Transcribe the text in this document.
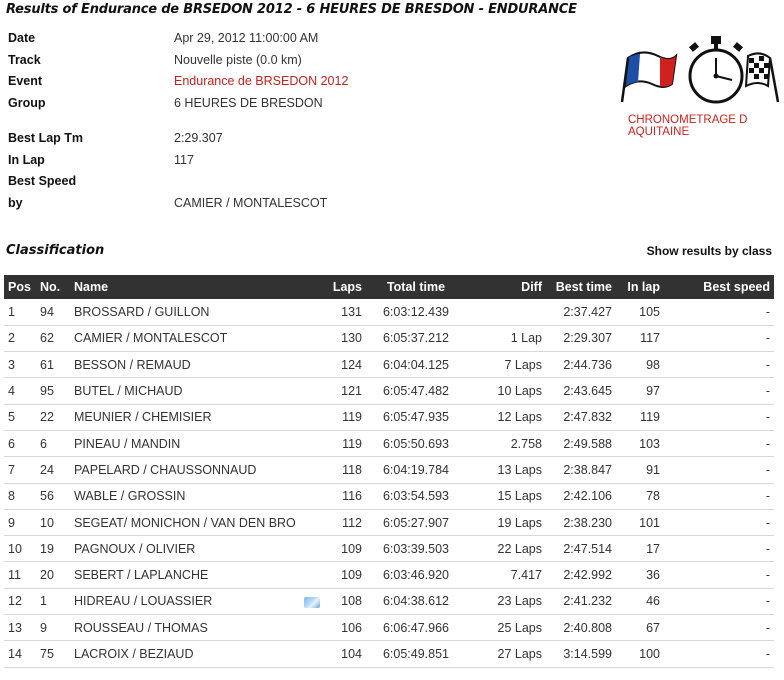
Results of Endurance de BRSEDON 2012 - 6 HEURES DE BRESDON - ENDURANCE
Date	Apr 29, 2012 11:00:00 AM
Track	Nouvelle piste (0.0 km)
Event	Endurance de BRSEDON 2012
Group	6 HEURES DE BRESDON
Best Lap Tm	2:29.307
In Lap	117
Best Speed
by	CAMIER / MONTALESCOT
CHRONOMETRAGE D AQUITAINE
Classification	Show results by class
Pos	No.	Name	Laps	Total time	Diff	Best time	In lap	Best speed
1	94	BROSSARD / GUILLON	131	6:03:12.439		2:37.427	105	-
2	62	CAMIER / MONTALESCOT	130	6:05:37.212	1 Lap	2:29.307	117	-
3	61	BESSON / REMAUD	124	6:04:04.125	7 Laps	2:44.736	98	-
4	95	BUTEL / MICHAUD	121	6:05:47.482	10 Laps	2:43.645	97	-
5	22	MEUNIER / CHEMISIER	119	6:05:47.935	12 Laps	2:47.832	119	-
6	6	PINEAU / MANDIN	119	6:05:50.693	2.758	2:49.588	103	-
7	24	PAPELARD / CHAUSSONNAUD	118	6:04:19.784	13 Laps	2:38.847	91	-
8	56	WABLE / GROSSIN	116	6:03:54.593	15 Laps	2:42.106	78	-
9	10	SEGEAT/ MONICHON / VAN DEN BRO	112	6:05:27.907	19 Laps	2:38.230	101	-
10	19	PAGNOUX / OLIVIER	109	6:03:39.503	22 Laps	2:47.514	17	-
11	20	SEBERT / LAPLANCHE	109	6:03:46.920	7.417	2:42.992	36	-
12	1	HIDREAU / LOUASSIER	108	6:04:38.612	23 Laps	2:41.232	46	-
13	9	ROUSSEAU / THOMAS	106	6:06:47.966	25 Laps	2:40.808	67	-
14	75	LACROIX / BEZIAUD	104	6:05:49.851	27 Laps	3:14.599	100	-
